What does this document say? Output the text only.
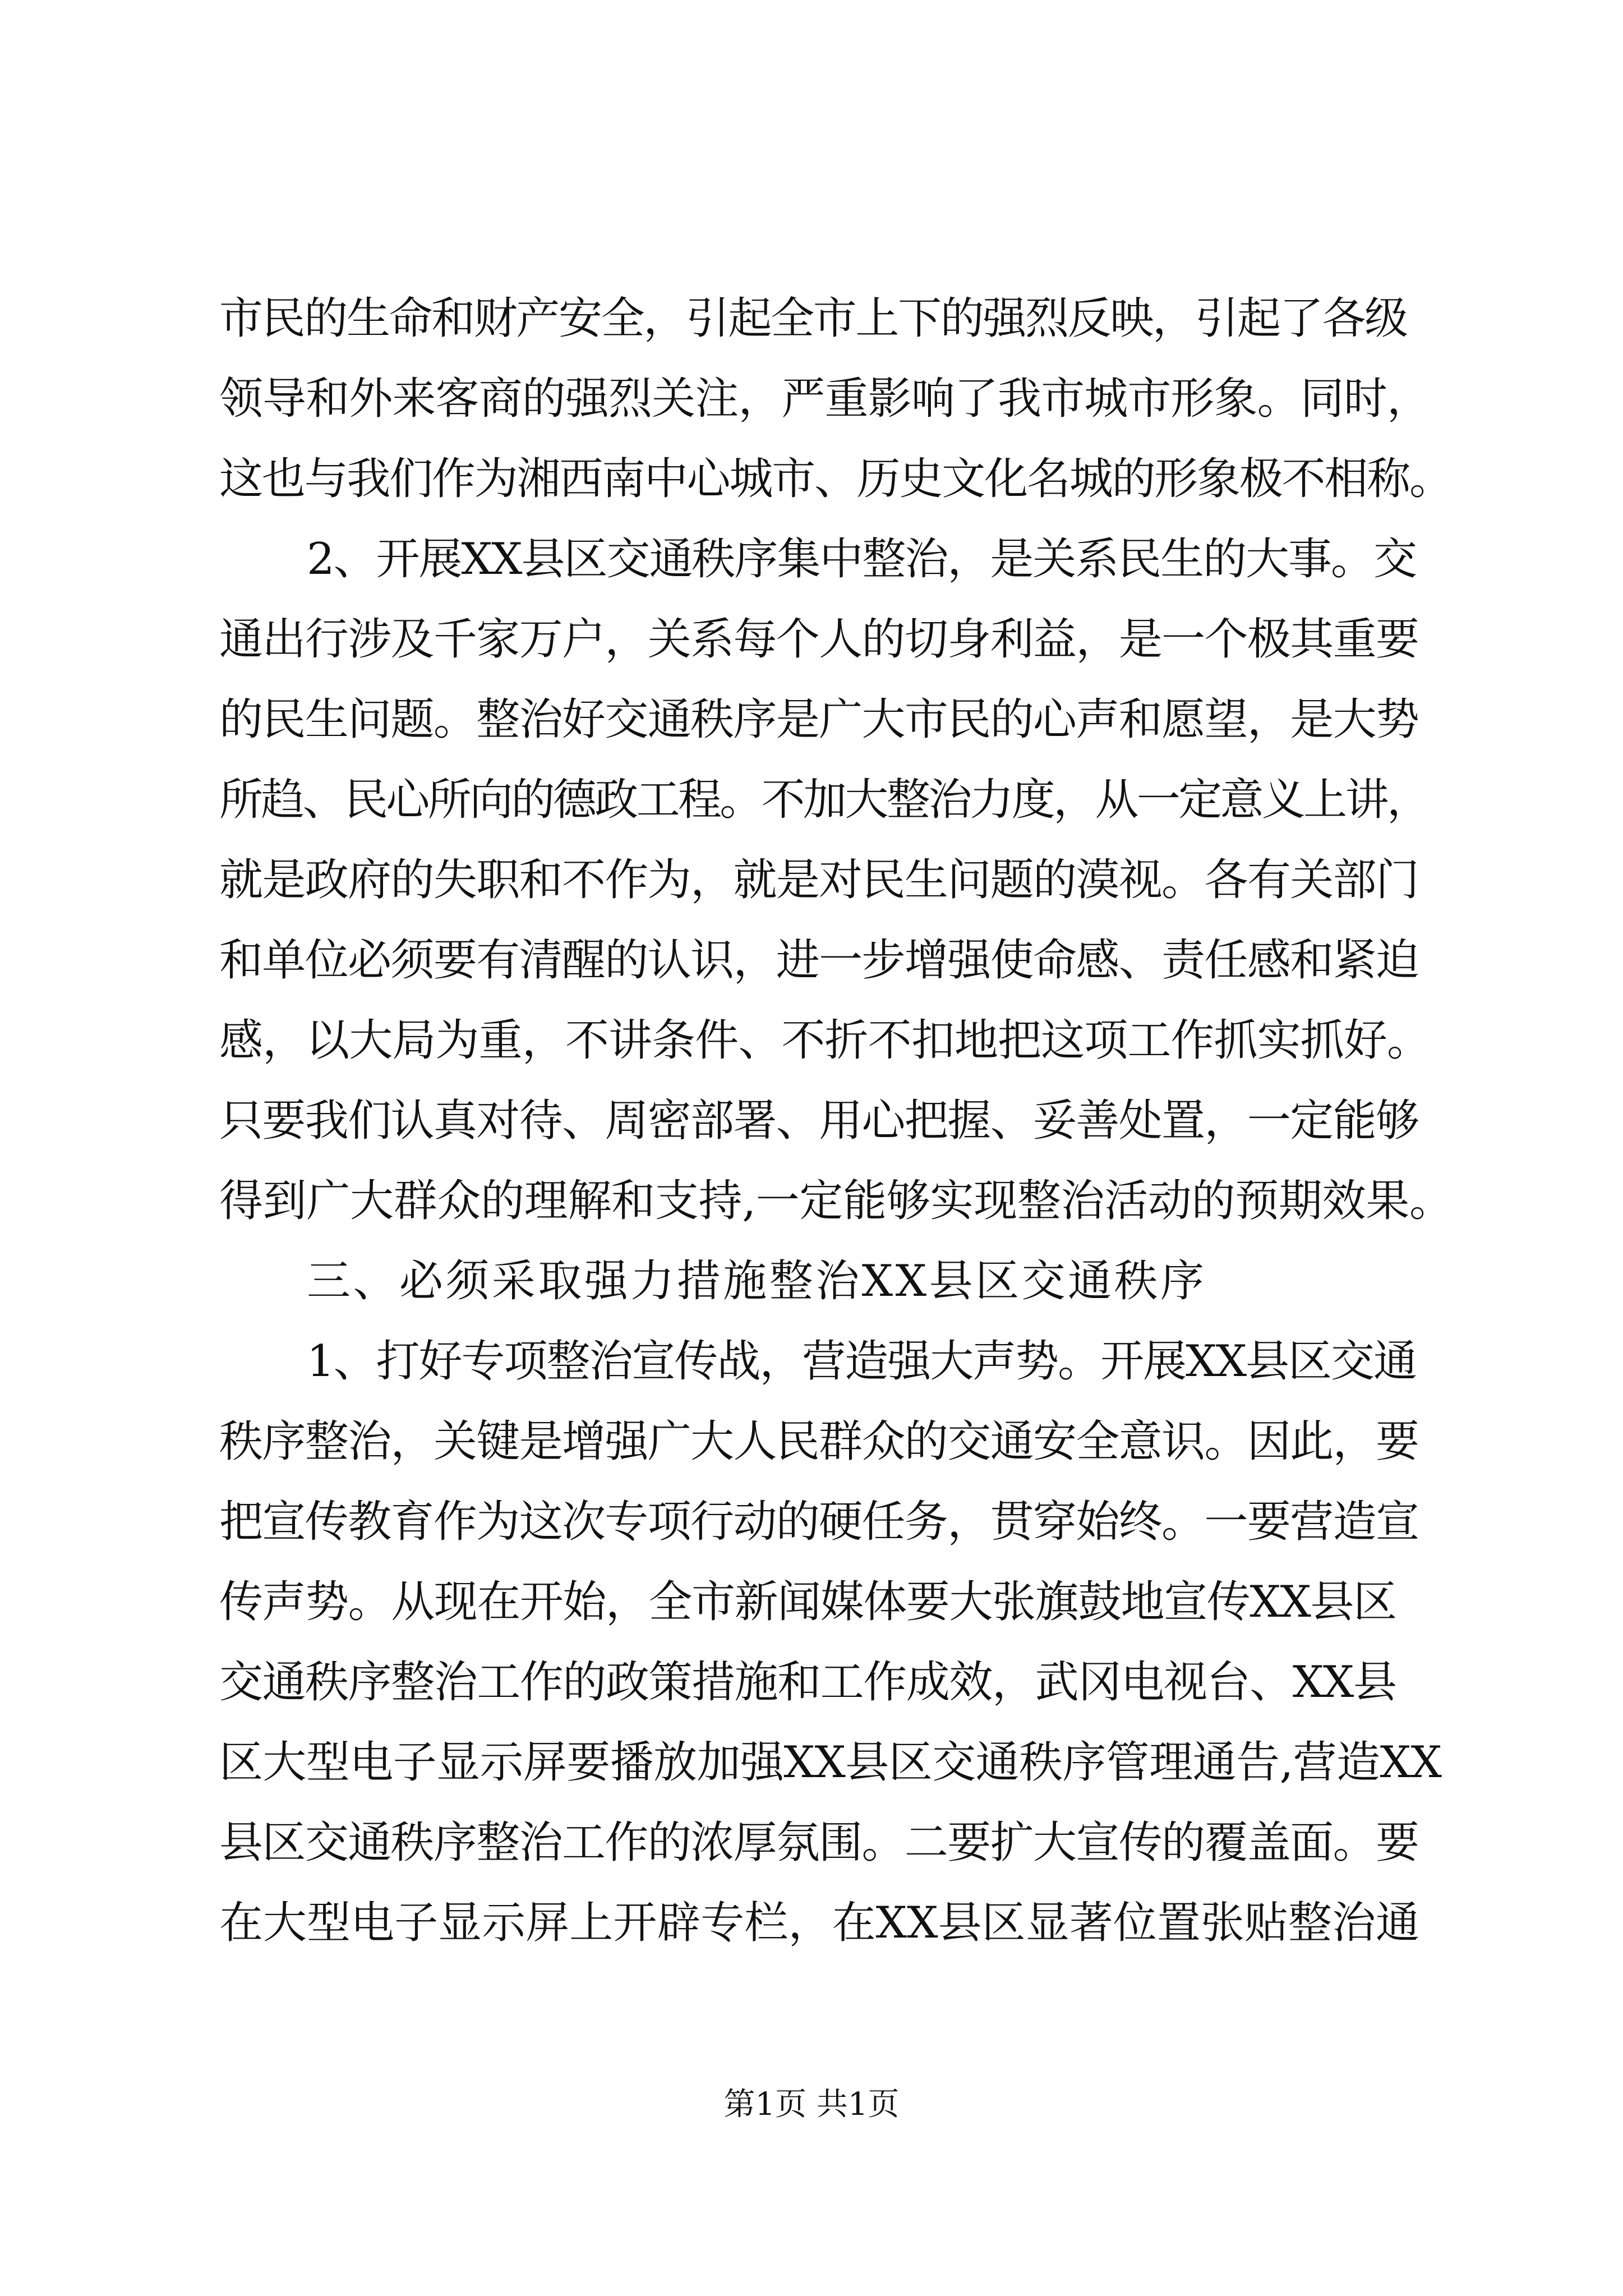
市民的生命和财产安全，引起全市上下的强烈反映，引起了各级
领导和外来客商的强烈关注，严重影响了我市城市形象。同时，
这也与我们作为湘西南中心城市、历史文化名城的形象极不相称。
2、开展XX县区交通秩序集中整治，是关系民生的大事。交
通出行涉及千家万户，关系每个人的切身利益，是一个极其重要
的民生问题。整治好交通秩序是广大市民的心声和愿望，是大势
所趋、民心所向的德政工程。不加大整治力度，从一定意义上讲，
就是政府的失职和不作为，就是对民生问题的漠视。各有关部门
和单位必须要有清醒的认识，进一步增强使命感、责任感和紧迫
感，以大局为重，不讲条件、不折不扣地把这项工作抓实抓好。
只要我们认真对待、周密部署、用心把握、妥善处置，一定能够
得到广大群众的理解和支持,一定能够实现整治活动的预期效果。
三、必须采取强力措施整治XX县区交通秩序
1、打好专项整治宣传战，营造强大声势。开展XX县区交通
秩序整治，关键是增强广大人民群众的交通安全意识。因此，要
把宣传教育作为这次专项行动的硬任务，贯穿始终。一要营造宣
传声势。从现在开始，全市新闻媒体要大张旗鼓地宣传XX县区
交通秩序整治工作的政策措施和工作成效，武冈电视台、XX县
区大型电子显示屏要播放加强XX县区交通秩序管理通告,营造XX
县区交通秩序整治工作的浓厚氛围。二要扩大宣传的覆盖面。要
在大型电子显示屏上开辟专栏，在XX县区显著位置张贴整治通
第1页 共1页
